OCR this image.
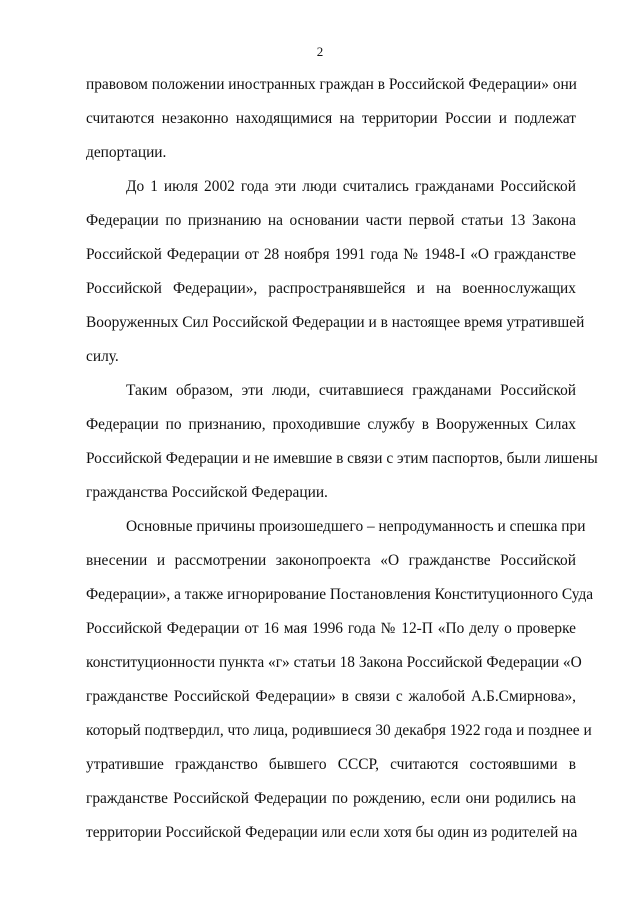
2
правовом положении иностранных граждан в Российской Федерации» они
считаются незаконно находящимися на территории России и подлежат
депортации.
До 1 июля 2002 года эти люди считались гражданами Российской
Федерации по признанию на основании части первой статьи 13 Закона
Российской Федерации от 28 ноября 1991 года № 1948-I «О гражданстве
Российской Федерации», распространявшейся и на военнослужащих
Вооруженных Сил Российской Федерации и в настоящее время утратившей
силу.
Таким образом, эти люди, считавшиеся гражданами Российской
Федерации по признанию, проходившие службу в Вооруженных Силах
Российской Федерации и не имевшие в связи с этим паспортов, были лишены
гражданства Российской Федерации.
Основные причины произошедшего – непродуманность и спешка при
внесении и рассмотрении законопроекта «О гражданстве Российской
Федерации», а также игнорирование Постановления Конституционного Суда
Российской Федерации от 16 мая 1996 года № 12-П «По делу о проверке
конституционности пункта «г» статьи 18 Закона Российской Федерации «О
гражданстве Российской Федерации» в связи с жалобой А.Б.Смирнова»,
который подтвердил, что лица, родившиеся 30 декабря 1922 года и позднее и
утратившие гражданство бывшего СССР, считаются состоявшими в
гражданстве Российской Федерации по рождению, если они родились на
территории Российской Федерации или если хотя бы один из родителей на
